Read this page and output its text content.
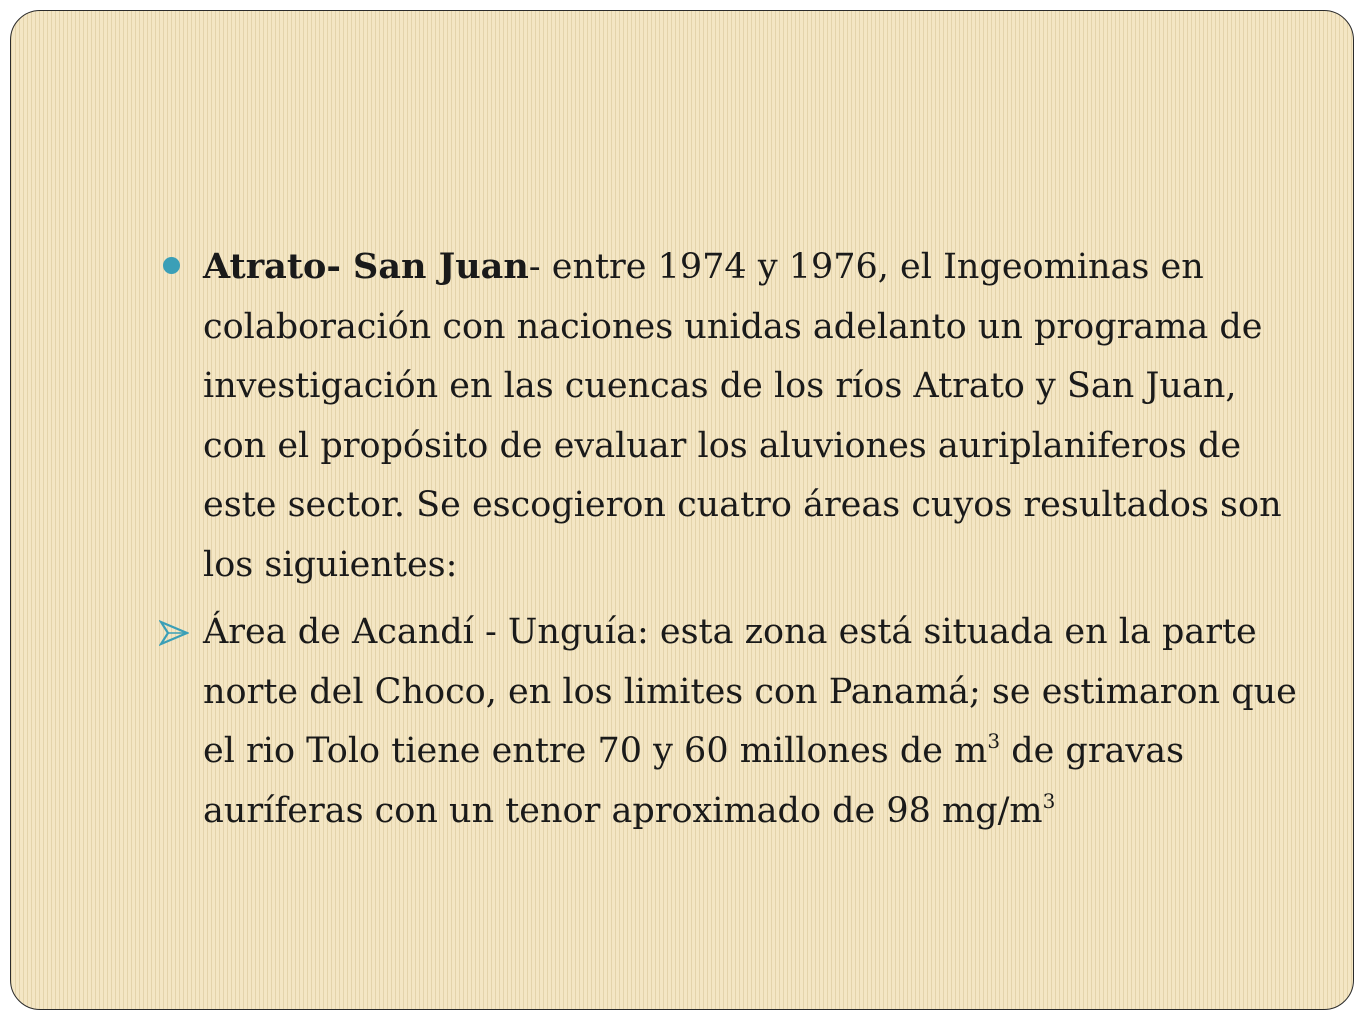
Atrato- San Juan- entre 1974 y 1976, el Ingeominas en colaboración con naciones unidas adelanto un programa de investigación en las cuencas de los ríos Atrato y San Juan, con el propósito de evaluar los aluviones auriplaniferos de este sector. Se escogieron cuatro áreas cuyos resultados son los siguientes:

Área de Acandí - Unguía: esta zona está situada en la parte norte del Choco, en los limites con Panamá; se estimaron que el rio Tolo tiene entre 70 y 60 millones de $m^3$ de gravas auríferas con un tenor aproximado de 98 $mg/m^3$
